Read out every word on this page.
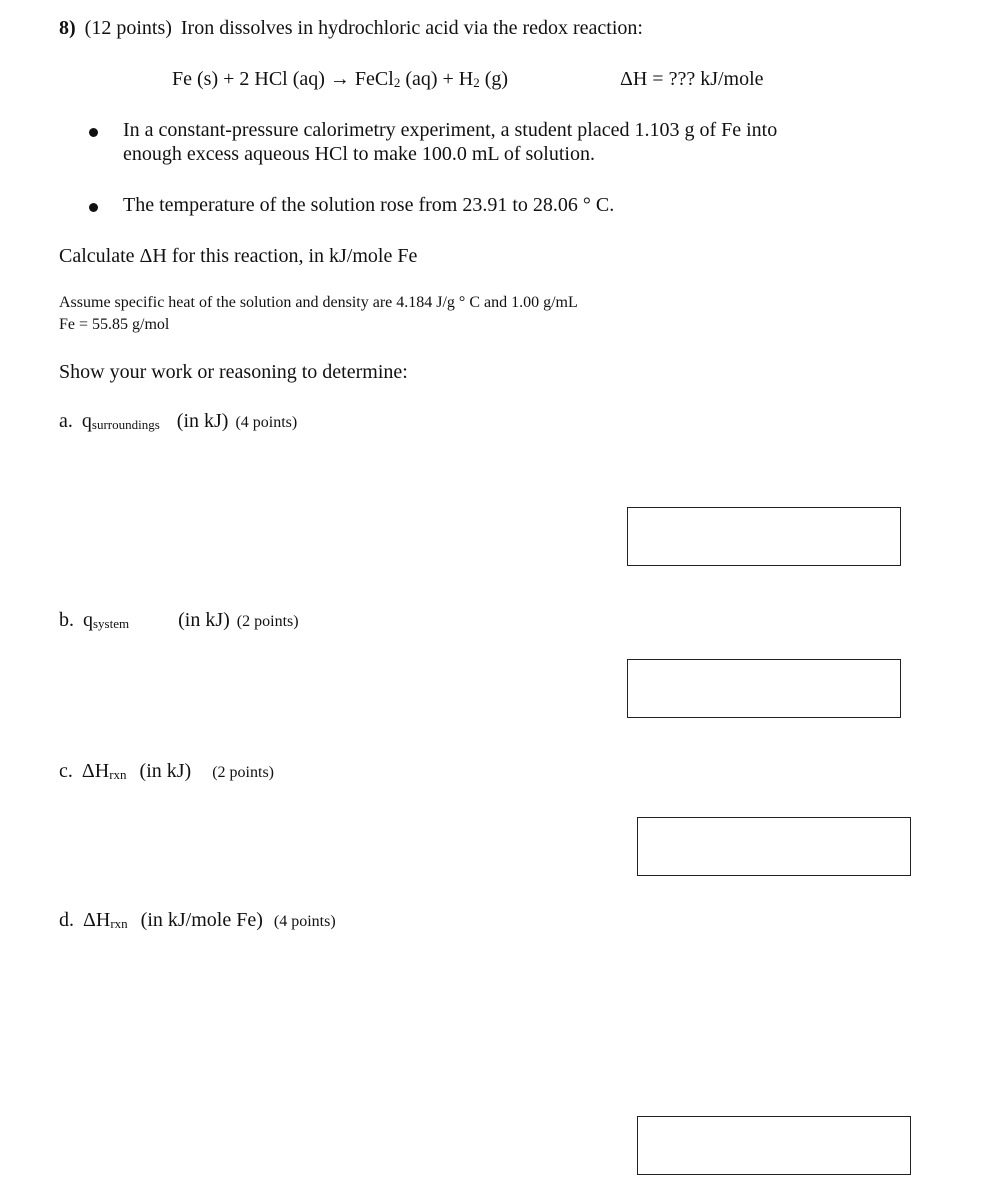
8) (12 points) Iron dissolves in hydrochloric acid via the redox reaction:
Fe (s) + 2 HCl (aq) → FeCl$_2$ $(aq) + H_2$ (g)	ΔH = ??? kJ/mole
In a constant-pressure calorimetry experiment, a student placed 1.103 g of Fe into
enough excess aqueous HCl to make 100.0 mL of solution.
The temperature of the solution rose from 23.91 to 28.06 ° C.
Calculate ΔH for this reaction, in kJ/mole Fe
Assume specific heat of the solution and density are 4.184 J/g ° C and 1.00 g/mL
Fe = 55.85 g/mol
Show your work or reasoning to determine:
a. qsurroundings (in kJ) (4 points)
b. qsystem (in kJ) (2 points)
c. ΔHrxn (in kJ) (2 points)
d. ΔHrxn (in kJ/mole Fe) (4 points)
